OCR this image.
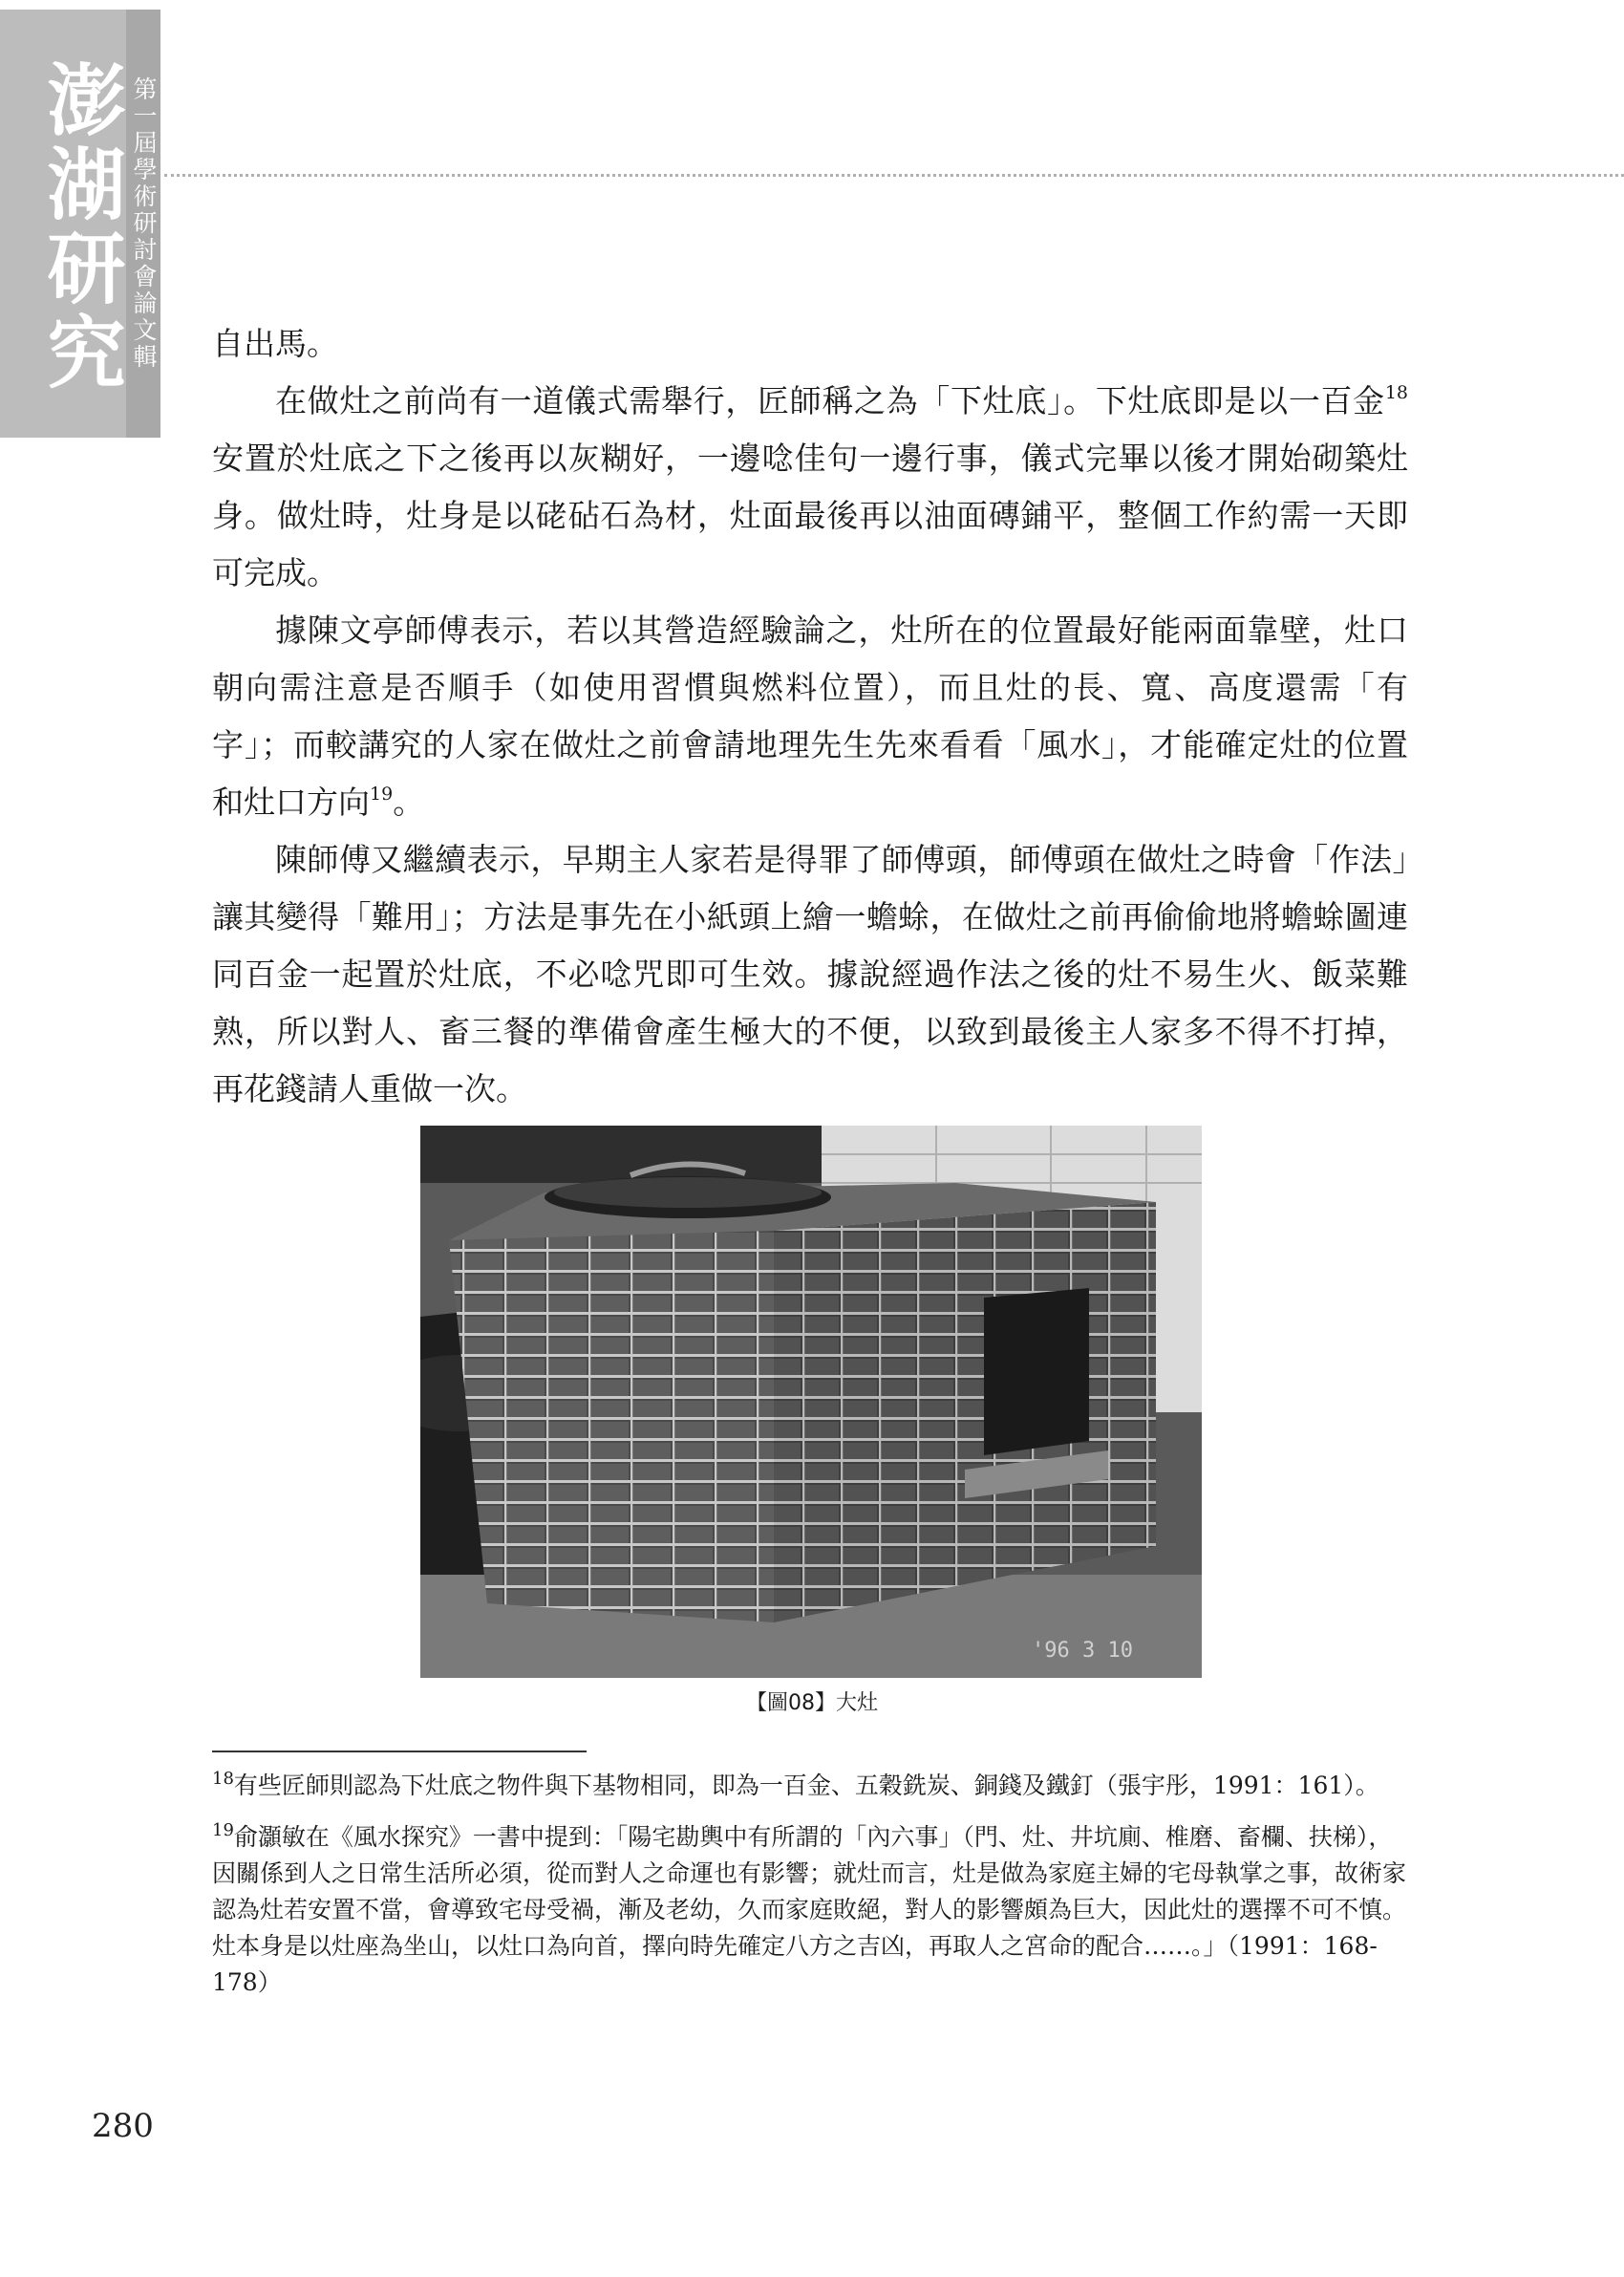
澎湖研究 第一屆學術研討會論文輯 自出馬。

在做灶之前尚有一道儀式需舉行，匠師稱之為「下灶底」。下灶底即是以一百金$^{18}$安置於灶底之下之後再以灰糊好，一邊唸佳句一邊行事，儀式完畢以後才開始砌築灶身。做灶時，灶身是以硓砧石為材，灶面最後再以油面磚鋪平，整個工作約需一天即可完成。

據陳文亭師傅表示，若以其營造經驗論之，灶所在的位置最好能兩面靠壁，灶口朝向需注意是否順手（如使用習慣與燃料位置），而且灶的長、寬、高度還需「有字」；而較講究的人家在做灶之前會請地理先生先來看看「風水」，才能確定灶的位置和灶口方向$^{19}$。

陳師傅又繼續表示，早期主人家若是得罪了師傅頭，師傅頭在做灶之時會「作法」讓其變得「難用」；方法是事先在小紙頭上繪一蟾蜍，在做灶之前再偷偷地將蟾蜍圖連同百金一起置於灶底，不必唸咒即可生效。據說經過作法之後的灶不易生火、飯菜難熟，所以對人、畜三餐的準備會產生極大的不便，以致到最後主人家多不得不打掉，再花錢請人重做一次。

'96 3 10
【圖08】大灶

$^{18}$有些匠師則認為下灶底之物件與下基物相同，即為一百金、五穀銑炭、銅錢及鐵釘（張宇彤，1991：161）。

$^{19}$俞灝敏在《風水探究》一書中提到：「陽宅勘輿中有所謂的「內六事」（門、灶、井坑廁、椎磨、畜欄、扶梯），因關係到人之日常生活所必須，從而對人之命運也有影響；就灶而言，灶是做為家庭主婦的宅母執掌之事，故術家認為灶若安置不當，會導致宅母受禍，漸及老幼，久而家庭敗絕，對人的影響頗為巨大，因此灶的選擇不可不慎。灶本身是以灶座為坐山，以灶口為向首，擇向時先確定八方之吉凶，再取人之宮命的配合……。」（1991：168-178）

280
